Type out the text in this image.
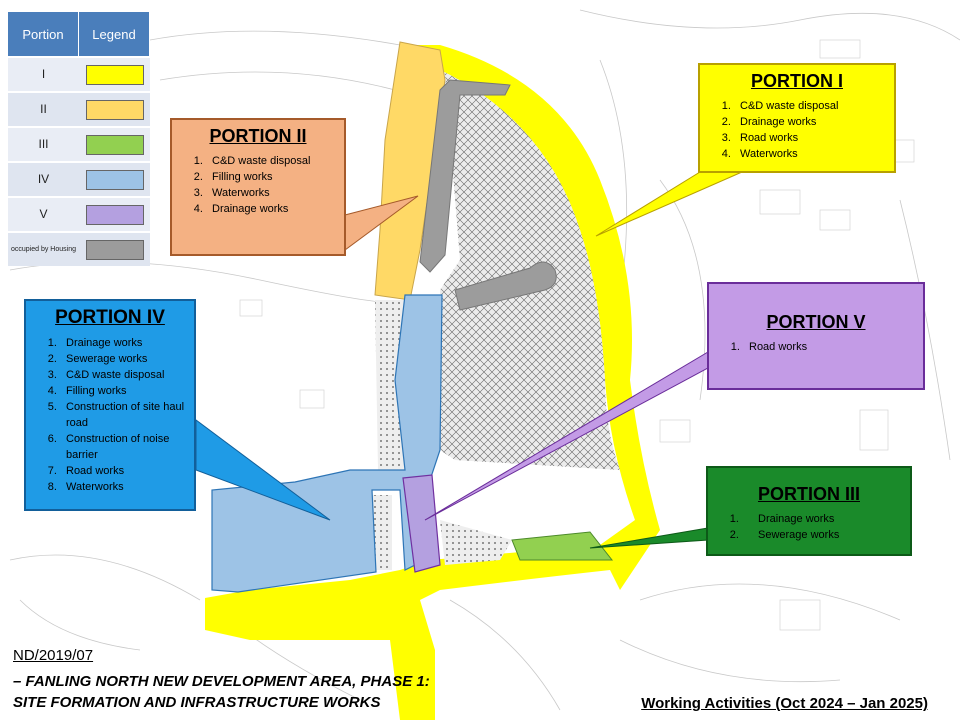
Portion	Legend
I
II
III
IV
V
occupied by Housing
PORTION I
1. C&D waste disposal
2. Drainage works
3. Road works
4. Waterworks
PORTION II
1. C&D waste disposal
2. Filling works
3. Waterworks
4. Drainage works
PORTION IV
1. Drainage works
2. Sewerage works
3. C&D waste disposal
4. Filling works
5. Construction of site haul road
6. Construction of noise barrier
7. Road works
8. Waterworks
PORTION V
1. Road works
PORTION III
1. Drainage works
2. Sewerage works
ND/2019/07
– FANLING NORTH NEW DEVELOPMENT AREA, PHASE 1:
SITE FORMATION AND INFRASTRUCTURE WORKS	Working Activities (Oct 2024 – Jan 2025)
